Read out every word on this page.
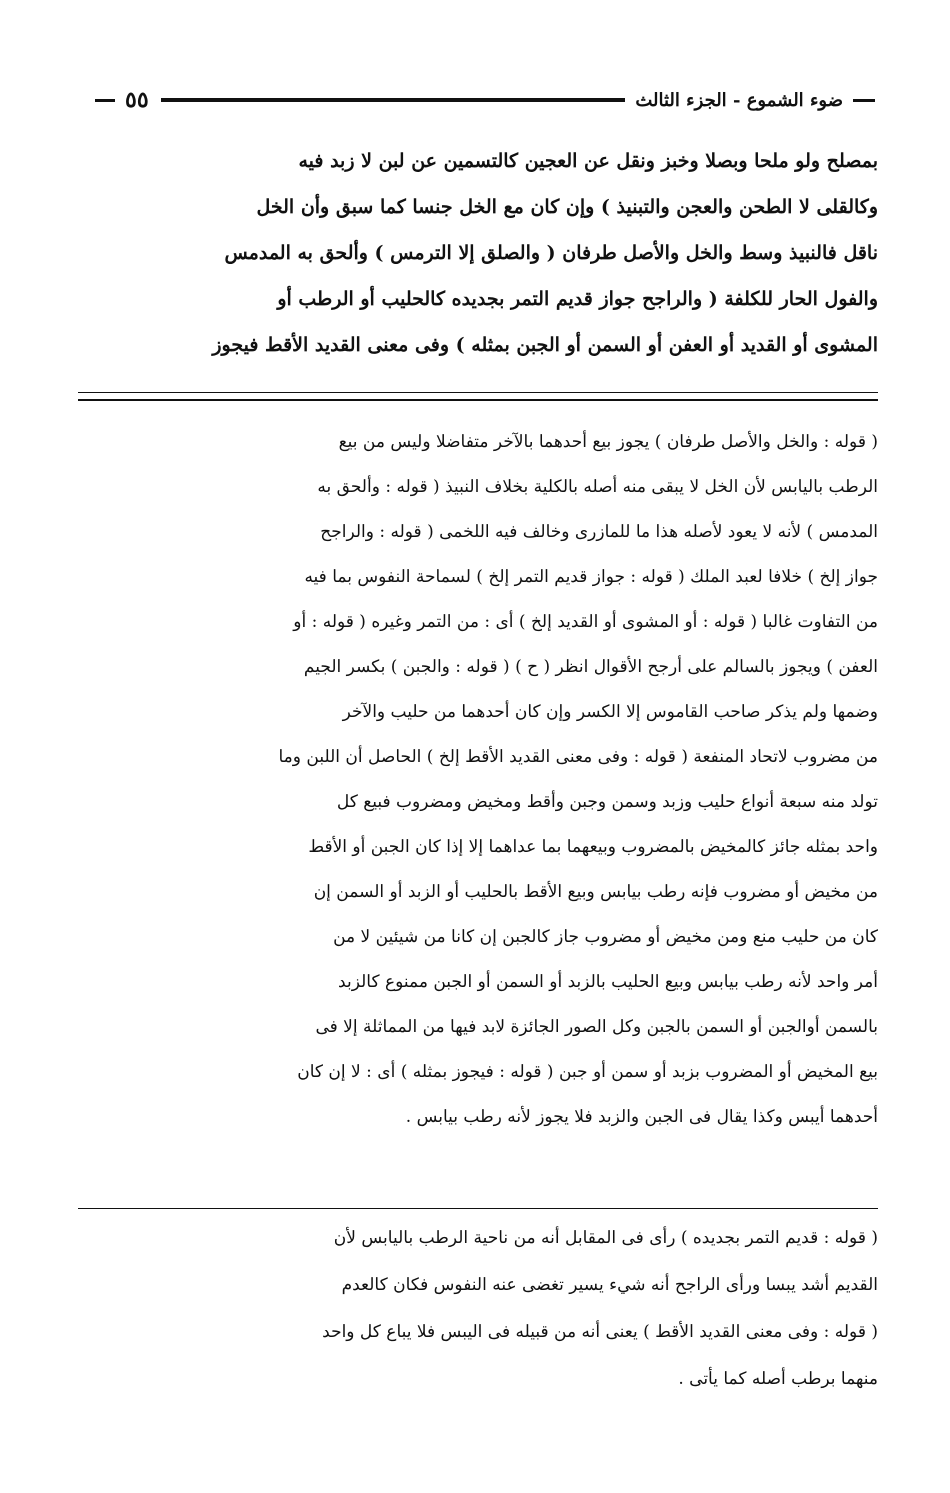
٥٥	ضوء الشموع - الجزء الثالث

بمصلح ولو ملحا وبصلا وخبز ونقل عن العجين كالتسمين عن لبن لا زبد فيه

وكالقلى لا الطحن والعجن والتبنيذ ) وإن كان مع الخل جنسا كما سبق وأن الخل

ناقل فالنبيذ وسط والخل والأصل طرفان ( والصلق إلا الترمس ) وألحق به المدمس

والفول الحار للكلفة ( والراجح جواز قديم التمر بجديده كالحليب أو الرطب أو

المشوى أو القديد أو العفن أو السمن أو الجبن بمثله ) وفى معنى القديد الأقط فيجوز

( قوله : والخل والأصل طرفان ) يجوز بيع أحدهما بالآخر متفاضلا وليس من بيع

الرطب باليابس لأن الخل لا يبقى منه أصله بالكلية بخلاف النبيذ ( قوله : وألحق به

المدمس ) لأنه لا يعود لأصله هذا ما للمازرى وخالف فيه اللخمى ( قوله : والراجح

جواز إلخ ) خلافا لعبد الملك ( قوله : جواز قديم التمر إلخ ) لسماحة النفوس بما فيه

من التفاوت غالبا ( قوله : أو المشوى أو القديد إلخ ) أى : من التمر وغيره ( قوله : أو

العفن ) ويجوز بالسالم على أرجح الأقوال انظر ( ح ) ( قوله : والجبن ) بكسر الجيم

وضمها ولم يذكر صاحب القاموس إلا الكسر وإن كان أحدهما من حليب والآخر

من مضروب لاتحاد المنفعة ( قوله : وفى معنى القديد الأقط إلخ ) الحاصل أن اللبن وما

تولد منه سبعة أنواع حليب وزبد وسمن وجبن وأقط ومخيض ومضروب فبيع كل

واحد بمثله جائز كالمخيض بالمضروب وبيعهما بما عداهما إلا إذا كان الجبن أو الأقط

من مخيض أو مضروب فإنه رطب بيابس وبيع الأقط بالحليب أو الزبد أو السمن إن

كان من حليب منع ومن مخيض أو مضروب جاز كالجبن إن كانا من شيئين لا من

أمر واحد لأنه رطب بيابس وبيع الحليب بالزبد أو السمن أو الجبن ممنوع كالزبد

بالسمن أوالجبن أو السمن بالجبن وكل الصور الجائزة لابد فيها من المماثلة إلا فى

بيع المخيض أو المضروب بزبد أو سمن أو جبن ( قوله : فيجوز بمثله ) أى : لا إن كان

أحدهما أيبس وكذا يقال فى الجبن والزبد فلا يجوز لأنه رطب بيابس .

( قوله : قديم التمر بجديده ) رأى فى المقابل أنه من ناحية الرطب باليابس لأن

القديم أشد يبسا ورأى الراجح أنه شيء يسير تغضى عنه النفوس فكان كالعدم

( قوله : وفى معنى القديد الأقط ) يعنى أنه من قبيله فى اليبس فلا يباع كل واحد

منهما برطب أصله كما يأتى .
